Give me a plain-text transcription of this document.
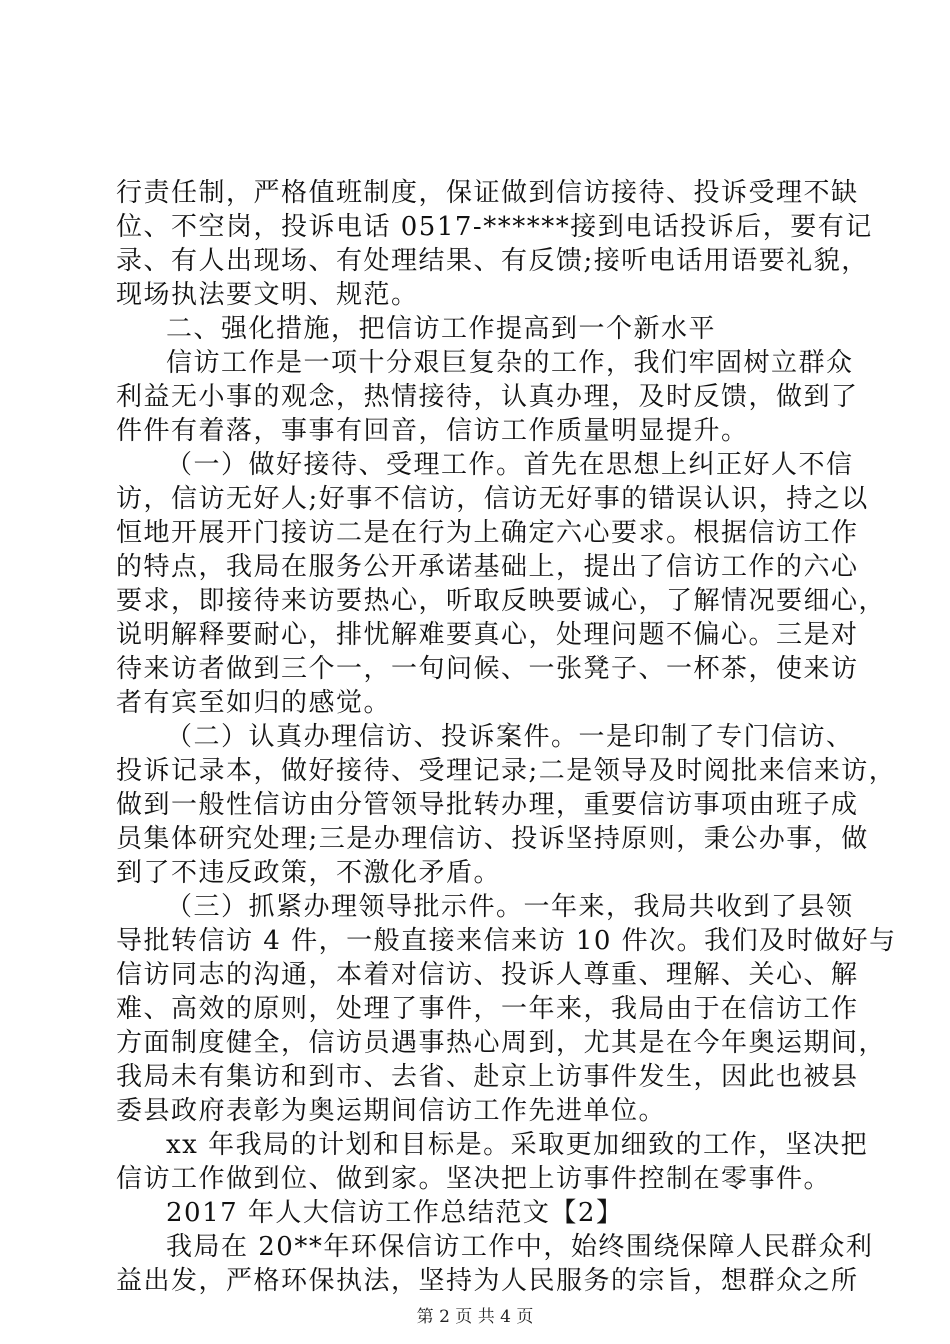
行责任制，严格值班制度，保证做到信访接待、投诉受理不缺
位、不空岗，投诉电话 0517-******接到电话投诉后，要有记
录、有人出现场、有处理结果、有反馈;接听电话用语要礼貌，
现场执法要文明、规范。
二、强化措施，把信访工作提高到一个新水平
信访工作是一项十分艰巨复杂的工作，我们牢固树立群众
利益无小事的观念，热情接待，认真办理，及时反馈，做到了
件件有着落，事事有回音，信访工作质量明显提升。
（一）做好接待、受理工作。首先在思想上纠正好人不信
访，信访无好人;好事不信访，信访无好事的错误认识，持之以
恒地开展开门接访二是在行为上确定六心要求。根据信访工作
的特点，我局在服务公开承诺基础上，提出了信访工作的六心
要求，即接待来访要热心，听取反映要诚心，了解情况要细心，
说明解释要耐心，排忧解难要真心，处理问题不偏心。三是对
待来访者做到三个一，一句问候、一张凳子、一杯茶，使来访
者有宾至如归的感觉。
（二）认真办理信访、投诉案件。一是印制了专门信访、
投诉记录本，做好接待、受理记录;二是领导及时阅批来信来访，
做到一般性信访由分管领导批转办理，重要信访事项由班子成
员集体研究处理;三是办理信访、投诉坚持原则，秉公办事，做
到了不违反政策，不激化矛盾。
（三）抓紧办理领导批示件。一年来，我局共收到了县领
导批转信访 4 件，一般直接来信来访 10 件次。我们及时做好与
信访同志的沟通，本着对信访、投诉人尊重、理解、关心、解
难、高效的原则，处理了事件，一年来，我局由于在信访工作
方面制度健全，信访员遇事热心周到，尤其是在今年奥运期间，
我局未有集访和到市、去省、赴京上访事件发生，因此也被县
委县政府表彰为奥运期间信访工作先进单位。
xx 年我局的计划和目标是。采取更加细致的工作，坚决把
信访工作做到位、做到家。坚决把上访事件控制在零事件。
2017 年人大信访工作总结范文【2】
我局在 20**年环保信访工作中，始终围绕保障人民群众利
益出发，严格环保执法，坚持为人民服务的宗旨，想群众之所
第 2 页 共 4 页
